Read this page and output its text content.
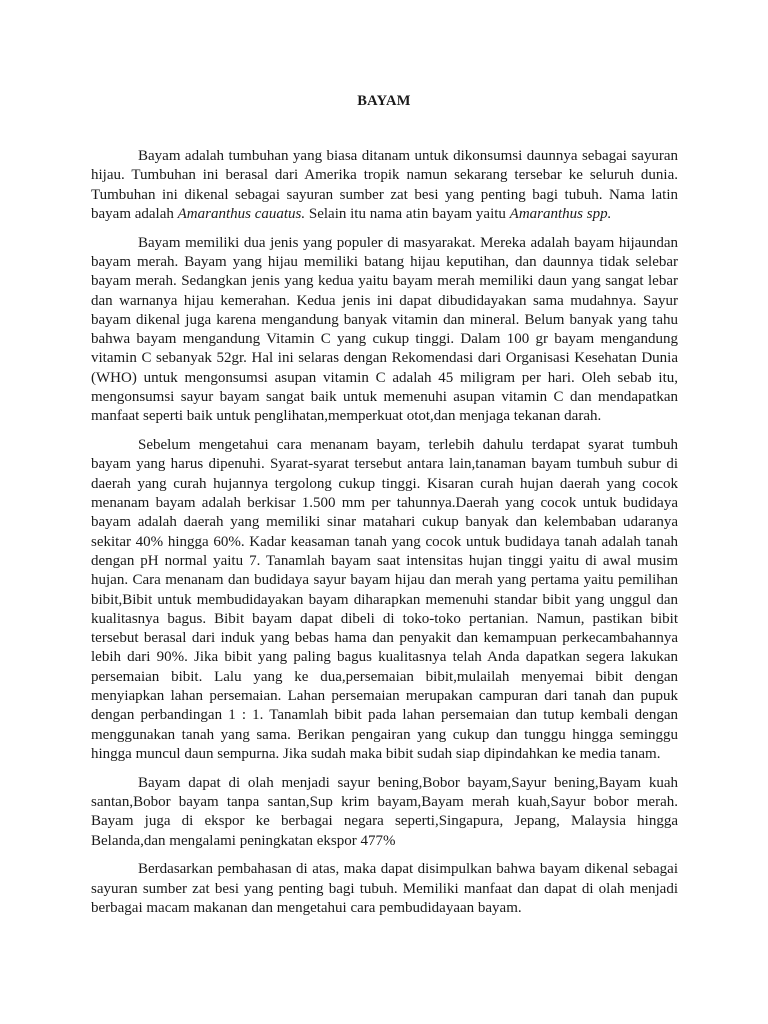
BAYAM

Bayam adalah tumbuhan yang biasa ditanam untuk dikonsumsi daunnya sebagai sayuran hijau. Tumbuhan ini berasal dari Amerika tropik namun sekarang tersebar ke seluruh dunia. Tumbuhan ini dikenal sebagai sayuran sumber zat besi yang penting bagi tubuh. Nama latin bayam adalah Amaranthus cauatus. Selain itu nama atin bayam yaitu Amaranthus spp.

Bayam memiliki dua jenis yang populer di masyarakat. Mereka adalah bayam hijaundan bayam merah. Bayam yang hijau memiliki batang hijau keputihan, dan daunnya tidak selebar bayam merah. Sedangkan jenis yang kedua yaitu bayam merah memiliki daun yang sangat lebar dan warnanya hijau kemerahan. Kedua jenis ini dapat dibudidayakan sama mudahnya. Sayur bayam dikenal juga karena mengandung banyak vitamin dan mineral. Belum banyak yang tahu bahwa bayam mengandung Vitamin C yang cukup tinggi. Dalam 100 gr bayam mengandung vitamin C sebanyak 52gr. Hal ini selaras dengan Rekomendasi dari Organisasi Kesehatan Dunia (WHO) untuk mengonsumsi asupan vitamin C adalah 45 miligram per hari. Oleh sebab itu, mengonsumsi sayur bayam sangat baik untuk memenuhi asupan vitamin C dan mendapatkan manfaat seperti baik untuk penglihatan,memperkuat otot,dan menjaga tekanan darah.

Sebelum mengetahui cara menanam bayam, terlebih dahulu terdapat syarat tumbuh bayam yang harus dipenuhi. Syarat-syarat tersebut antara lain,tanaman bayam tumbuh subur di daerah yang curah hujannya tergolong cukup tinggi. Kisaran curah hujan daerah yang cocok menanam bayam adalah berkisar 1.500 mm per tahunnya.Daerah yang cocok untuk budidaya bayam adalah daerah yang memiliki sinar matahari cukup banyak dan kelembaban udaranya sekitar 40% hingga 60%. Kadar keasaman tanah yang cocok untuk budidaya tanah adalah tanah dengan pH normal yaitu 7. Tanamlah bayam saat intensitas hujan tinggi yaitu di awal musim hujan. Cara menanam dan budidaya sayur bayam hijau dan merah yang pertama yaitu pemilihan bibit,Bibit untuk membudidayakan bayam diharapkan memenuhi standar bibit yang unggul dan kualitasnya bagus. Bibit bayam dapat dibeli di toko-toko pertanian. Namun, pastikan bibit tersebut berasal dari induk yang bebas hama dan penyakit dan kemampuan perkecambahannya lebih dari 90%. Jika bibit yang paling bagus kualitasnya telah Anda dapatkan segera lakukan persemaian bibit. Lalu yang ke dua,persemaian bibit,mulailah menyemai bibit dengan menyiapkan lahan persemaian. Lahan persemaian merupakan campuran dari tanah dan pupuk dengan perbandingan 1 : 1. Tanamlah bibit pada lahan persemaian dan tutup kembali dengan menggunakan tanah yang sama. Berikan pengairan yang cukup dan tunggu hingga seminggu hingga muncul daun sempurna. Jika sudah maka bibit sudah siap dipindahkan ke media tanam.

Bayam dapat di olah menjadi sayur bening,Bobor bayam,Sayur bening,Bayam kuah santan,Bobor bayam tanpa santan,Sup krim bayam,Bayam merah kuah,Sayur bobor merah. Bayam juga di ekspor ke berbagai negara seperti,Singapura, Jepang, Malaysia hingga Belanda,dan mengalami peningkatan ekspor 477%

Berdasarkan pembahasan di atas, maka dapat disimpulkan bahwa bayam dikenal sebagai sayuran sumber zat besi yang penting bagi tubuh. Memiliki manfaat dan dapat di olah menjadi berbagai macam makanan dan mengetahui cara pembudidayaan bayam.
